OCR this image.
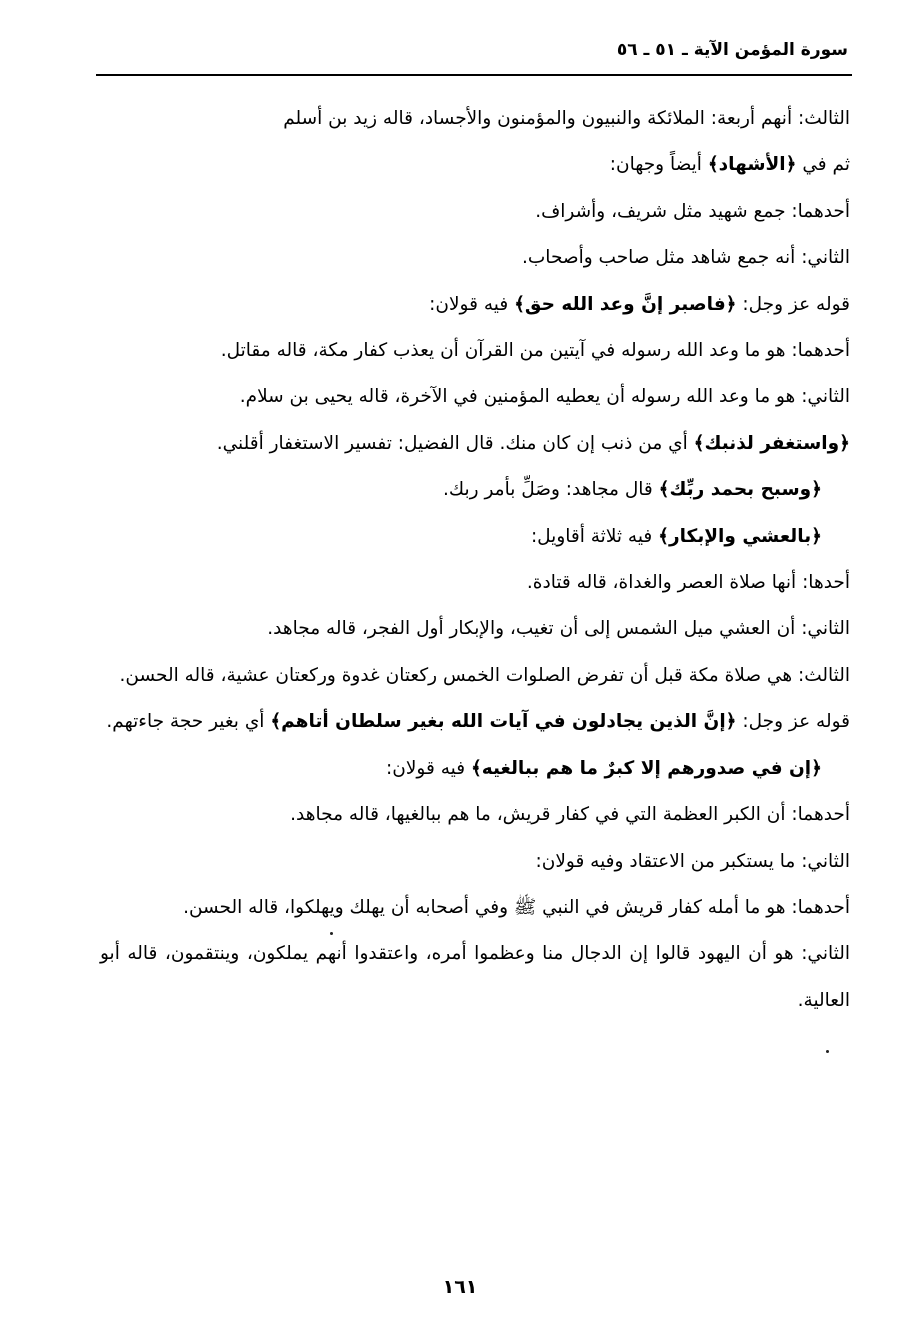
سورة المؤمن الآية ـ ٥١ ـ ٥٦

الثالث: أنهم أربعة: الملائكة والنبيون والمؤمنون والأجساد، قاله زيد بن أسلم

ثم في ﴿الأشهاد﴾ أيضاً وجهان:

أحدهما: جمع شهيد مثل شريف، وأشراف.

الثاني: أنه جمع شاهد مثل صاحب وأصحاب.

قوله عز وجل: ﴿فاصبر إنَّ وعد الله حق﴾ فيه قولان:

أحدهما: هو ما وعد الله رسوله في آيتين من القرآن أن يعذب كفار مكة، قاله مقاتل.

الثاني: هو ما وعد الله رسوله أن يعطيه المؤمنين في الآخرة، قاله يحيى بن سلام.

﴿واستغفر لذنبك﴾ أي من ذنب إن كان منك. قال الفضيل: تفسير الاستغفار أقلني.

﴿وسبح بحمد ربِّك﴾ قال مجاهد: وصَلِّ بأمر ربك.

﴿بالعشي والإبكار﴾ فيه ثلاثة أقاويل:

أحدها: أنها صلاة العصر والغداة، قاله قتادة.

الثاني: أن العشي ميل الشمس إلى أن تغيب، والإبكار أول الفجر، قاله مجاهد.

الثالث: هي صلاة مكة قبل أن تفرض الصلوات الخمس ركعتان غدوة وركعتان عشية، قاله الحسن.

قوله عز وجل: ﴿إنَّ الذين يجادلون في آيات الله بغير سلطان أتاهم﴾ أي بغير حجة جاءتهم.

﴿إن في صدورهم إلا كبرٌ ما هم ببالغيه﴾ فيه قولان:

أحدهما: أن الكبر العظمة التي في كفار قريش، ما هم ببالغيها، قاله مجاهد.

الثاني: ما يستكبر من الاعتقاد وفيه قولان:

أحدهما: هو ما أمله كفار قريش في النبي ﷺ وفي أصحابه أن يهلك ويهلكوا، قاله الحسن.

الثاني: هو أن اليهود قالوا إن الدجال منا وعظموا أمره، واعتقدوا أنهم يملكون، وينتقمون، قاله أبو العالية.

١٦١
